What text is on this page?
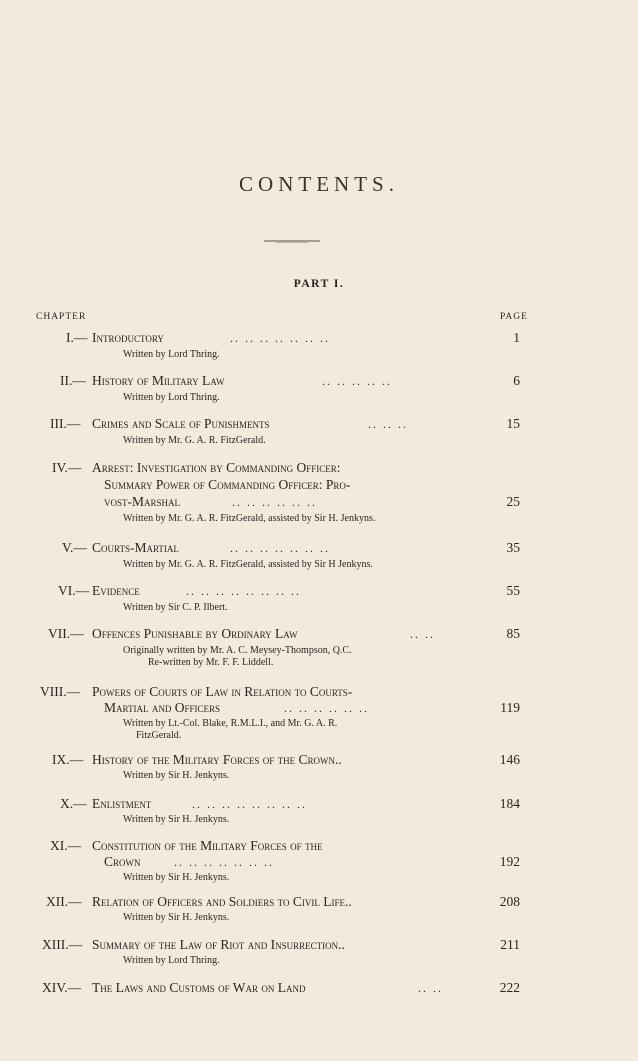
CONTENTS.
PART I.
CHAPTER	PAGE
I.— Introductory	.. .. .. .. .. .. ..	1
Written by Lord Thring.
II.— History of Military Law	.. .. .. .. ..	6
Written by Lord Thring.
III.— Crimes and Scale of Punishments	.. .. ..	15
Written by Mr. G. A. R. FitzGerald.
IV.— Arrest: Investigation by Commanding Officer:
Summary Power of Commanding Officer: Pro-
vost-Marshal	.. .. .. .. .. ..	25
Written by Mr. G. A. R. FitzGerald, assisted by Sir H. Jenkyns.
V.— Courts-Martial	.. .. .. .. .. .. ..	35
Written by Mr. G. A. R. FitzGerald, assisted by Sir H Jenkyns.
VI.— Evidence	.. .. .. .. .. .. .. ..	55
Written by Sir C. P. Ilbert.
VII.— Offences Punishable by Ordinary Law	.. ..	85
Originally written by Mr. A. C. Meysey-Thompson, Q.C.
Re-written by Mr. F. F. Liddell.
VIII.— Powers of Courts of Law in Relation to Courts-
Martial and Officers	.. .. .. .. .. ..	119
Written by Lt.-Col. Blake, R.M.L.I., and Mr. G. A. R.
FitzGerald.
IX.— History of the Military Forces of the Crown..	146
Written by Sir H. Jenkyns.
X.— Enlistment	.. .. .. .. .. .. .. ..	184
Written by Sir H. Jenkyns.
XI.— Constitution of the Military Forces of the
Crown	.. .. .. .. .. .. ..	192
Written by Sir H. Jenkyns.
XII.— Relation of Officers and Soldiers to Civil Life..	208
Written by Sir H. Jenkyns.
XIII.— Summary of the Law of Riot and Insurrection..	211
Written by Lord Thring.
XIV.— The Laws and Customs of War on Land	.. ..	222
